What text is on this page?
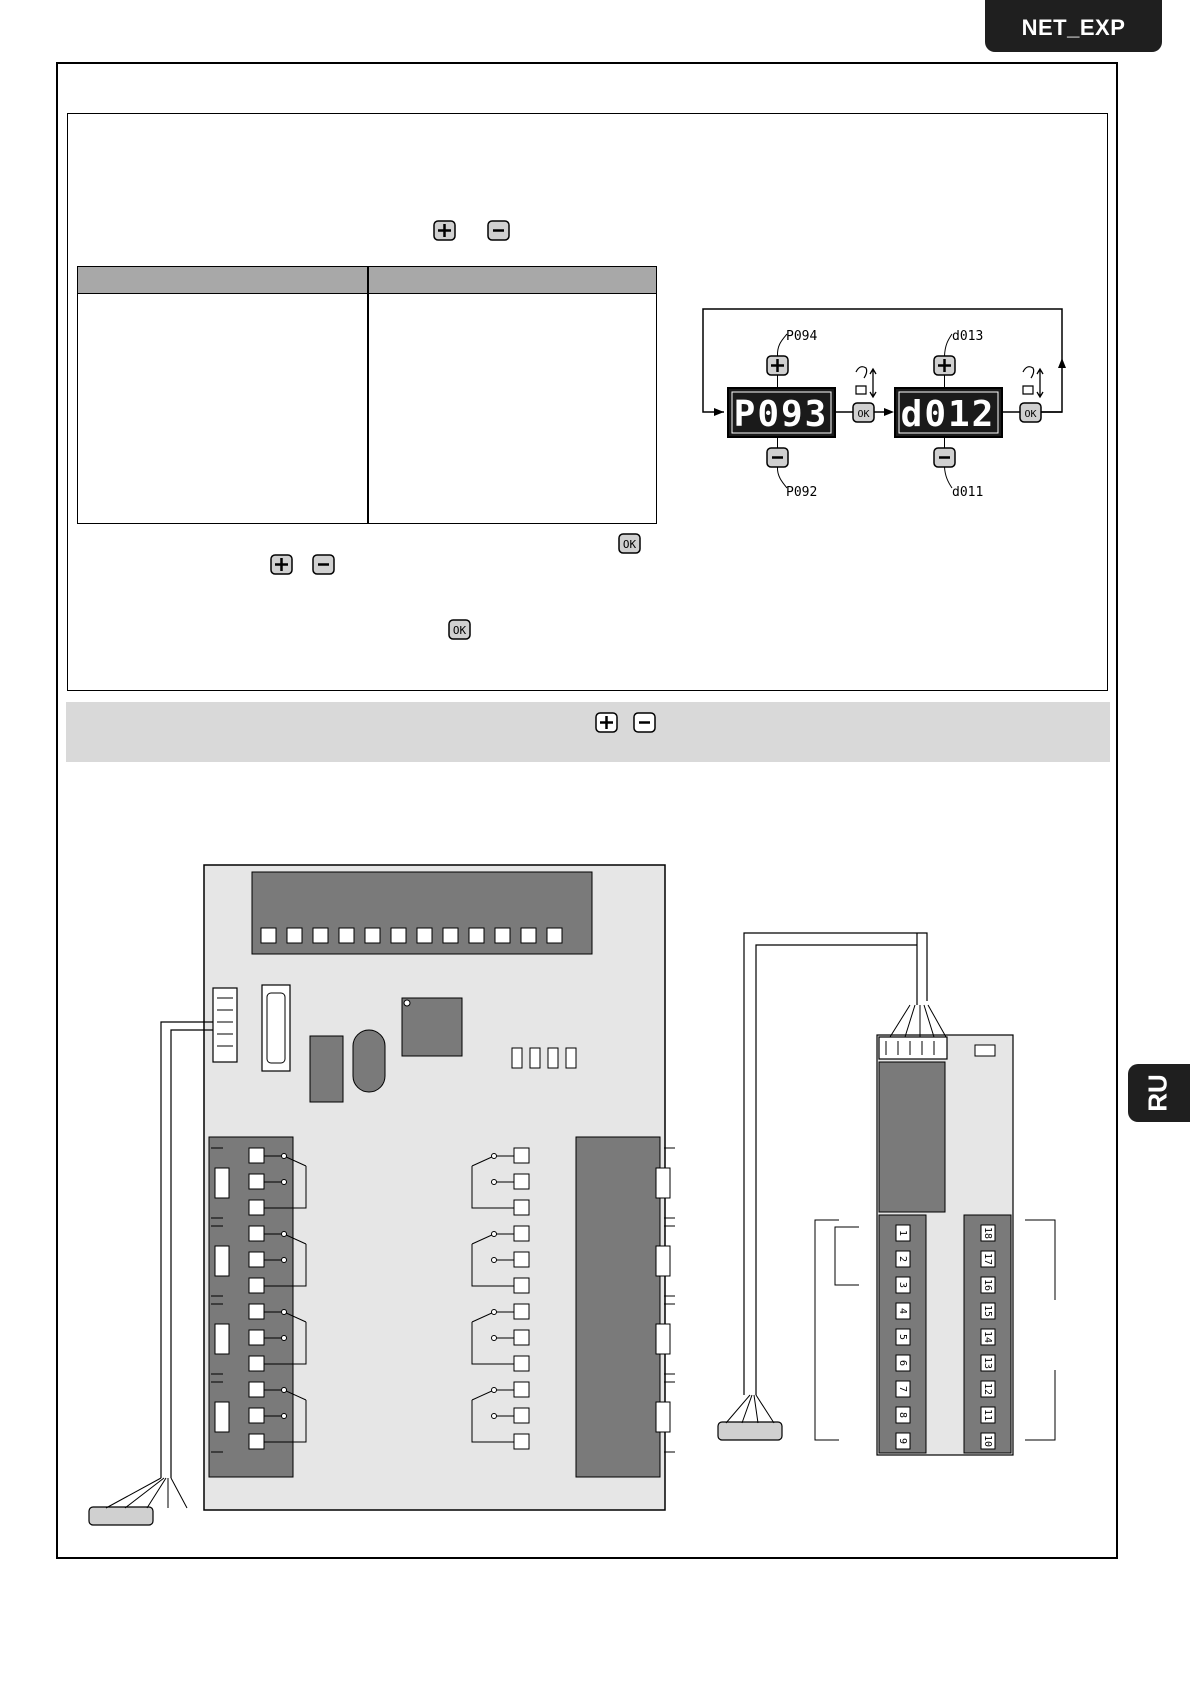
NET_EXP
OK
OK
P093
P094
P092
OK d012
d013
d011
OK
1
2
3
4
5
6
7
8
9
18
17
16
15
14
13
12
11
10
RU
